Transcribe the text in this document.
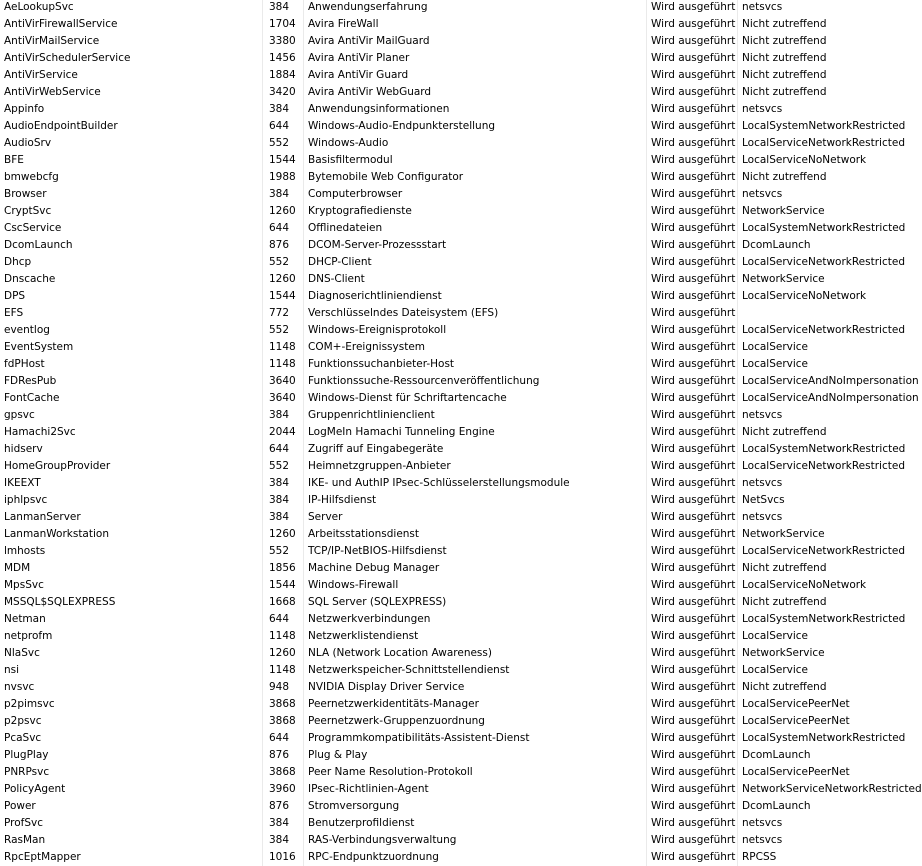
AeLookupSvc	384	Anwendungserfahrung	Wird ausgeführt netsvcs
AntiVirFirewallService	1704	Avira FireWall	Wird ausgeführt Nicht zutreffend
AntiVirMailService	3380	Avira AntiVir MailGuard	Wird ausgeführt Nicht zutreffend
AntiVirSchedulerService	1456	Avira AntiVir Planer	Wird ausgeführt Nicht zutreffend
AntiVirService	1884	Avira AntiVir Guard	Wird ausgeführt Nicht zutreffend
AntiVirWebService	3420	Avira AntiVir WebGuard	Wird ausgeführt Nicht zutreffend
Appinfo	384	Anwendungsinformationen	Wird ausgeführt netsvcs
AudioEndpointBuilder	644	Windows-Audio-Endpunkterstellung	Wird ausgeführt LocalSystemNetworkRestricted
AudioSrv	552	Windows-Audio	Wird ausgeführt LocalServiceNetworkRestricted
BFE	1544	Basisfiltermodul	Wird ausgeführt LocalServiceNoNetwork
bmwebcfg	1988	Bytemobile Web Configurator	Wird ausgeführt Nicht zutreffend
Browser	384	Computerbrowser	Wird ausgeführt netsvcs
CryptSvc	1260	Kryptografiedienste	Wird ausgeführt NetworkService
CscService	644	Offlinedateien	Wird ausgeführt LocalSystemNetworkRestricted
DcomLaunch	876	DCOM-Server-Prozessstart	Wird ausgeführt DcomLaunch
Dhcp	552	DHCP-Client	Wird ausgeführt LocalServiceNetworkRestricted
Dnscache	1260	DNS-Client	Wird ausgeführt NetworkService
DPS	1544	Diagnoserichtliniendienst	Wird ausgeführt LocalServiceNoNetwork
EFS	772	Verschlüsselndes Dateisystem (EFS)	Wird ausgeführt
eventlog	552	Windows-Ereignisprotokoll	Wird ausgeführt LocalServiceNetworkRestricted
EventSystem	1148	COM+-Ereignissystem	Wird ausgeführt LocalService
fdPHost	1148	Funktionssuchanbieter-Host	Wird ausgeführt LocalService
FDResPub	3640	Funktionssuche-Ressourcenveröffentlichung	Wird ausgeführt LocalServiceAndNoImpersonation
FontCache	3640	Windows-Dienst für Schriftartencache	Wird ausgeführt LocalServiceAndNoImpersonation
gpsvc	384	Gruppenrichtlinienclient	Wird ausgeführt netsvcs
Hamachi2Svc	2044	LogMeIn Hamachi Tunneling Engine	Wird ausgeführt Nicht zutreffend
hidserv	644	Zugriff auf Eingabegeräte	Wird ausgeführt LocalSystemNetworkRestricted
HomeGroupProvider	552	Heimnetzgruppen-Anbieter	Wird ausgeführt LocalServiceNetworkRestricted
IKEEXT	384	IKE- und AuthIP IPsec-Schlüsselerstellungsmodule	Wird ausgeführt netsvcs
iphlpsvc	384	IP-Hilfsdienst	Wird ausgeführt NetSvcs
LanmanServer	384	Server	Wird ausgeführt netsvcs
LanmanWorkstation	1260	Arbeitsstationsdienst	Wird ausgeführt NetworkService
lmhosts	552	TCP/IP-NetBIOS-Hilfsdienst	Wird ausgeführt LocalServiceNetworkRestricted
MDM	1856	Machine Debug Manager	Wird ausgeführt Nicht zutreffend
MpsSvc	1544	Windows-Firewall	Wird ausgeführt LocalServiceNoNetwork
MSSQL$SQLEXPRESS	1668	SQL Server (SQLEXPRESS)	Wird ausgeführt Nicht zutreffend
Netman	644	Netzwerkverbindungen	Wird ausgeführt LocalSystemNetworkRestricted
netprofm	1148	Netzwerklistendienst	Wird ausgeführt LocalService
NlaSvc	1260	NLA (Network Location Awareness)	Wird ausgeführt NetworkService
nsi	1148	Netzwerkspeicher-Schnittstellendienst	Wird ausgeführt LocalService
nvsvc	948	NVIDIA Display Driver Service	Wird ausgeführt Nicht zutreffend
p2pimsvc	3868	Peernetzwerkidentitäts-Manager	Wird ausgeführt LocalServicePeerNet
p2psvc	3868	Peernetzwerk-Gruppenzuordnung	Wird ausgeführt LocalServicePeerNet
PcaSvc	644	Programmkompatibilitäts-Assistent-Dienst	Wird ausgeführt LocalSystemNetworkRestricted
PlugPlay	876	Plug & Play	Wird ausgeführt DcomLaunch
PNRPsvc	3868	Peer Name Resolution-Protokoll	Wird ausgeführt LocalServicePeerNet
PolicyAgent	3960	IPsec-Richtlinien-Agent	Wird ausgeführt NetworkServiceNetworkRestricted
Power	876	Stromversorgung	Wird ausgeführt DcomLaunch
ProfSvc	384	Benutzerprofildienst	Wird ausgeführt netsvcs
RasMan	384	RAS-Verbindungsverwaltung	Wird ausgeführt netsvcs
RpcEptMapper	1016	RPC-Endpunktzuordnung	Wird ausgeführt RPCSS
